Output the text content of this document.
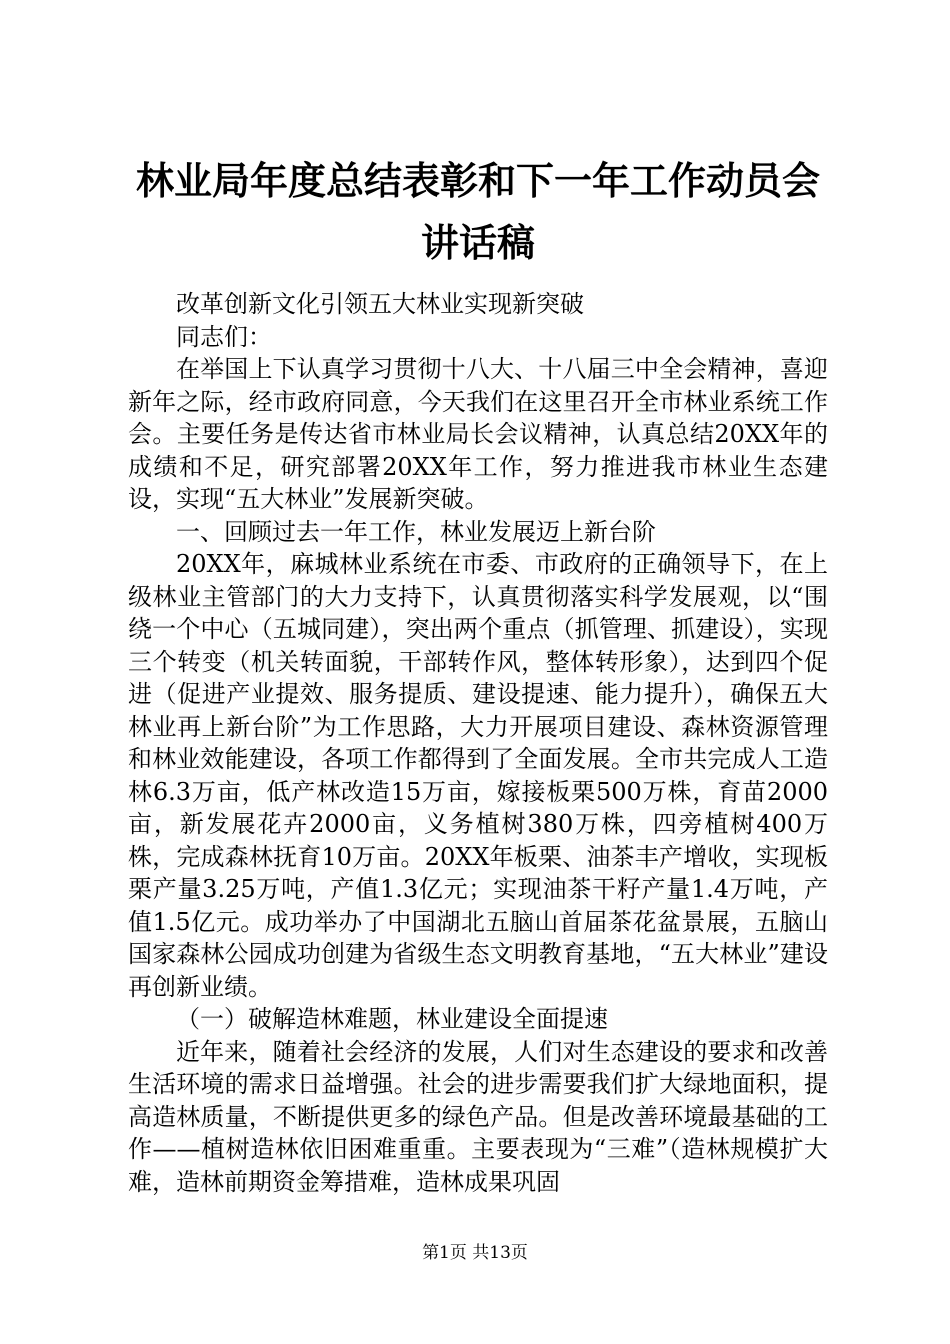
林业局年度总结表彰和下一年工作动员会讲话稿

改革创新文化引领五大林业实现新突破

同志们：

在举国上下认真学习贯彻十八大、十八届三中全会精神，喜迎新年之际，经市政府同意，今天我们在这里召开全市林业系统工作会。主要任务是传达省市林业局长会议精神，认真总结20XX年的成绩和不足，研究部署20XX年工作，努力推进我市林业生态建设，实现“五大林业”发展新突破。

一、回顾过去一年工作，林业发展迈上新台阶

20XX年，麻城林业系统在市委、市政府的正确领导下，在上级林业主管部门的大力支持下，认真贯彻落实科学发展观，以“围绕一个中心（五城同建），突出两个重点（抓管理、抓建设），实现三个转变（机关转面貌，干部转作风，整体转形象），达到四个促进（促进产业提效、服务提质、建设提速、能力提升），确保五大林业再上新台阶”为工作思路，大力开展项目建设、森林资源管理和林业效能建设，各项工作都得到了全面发展。全市共完成人工造林6.3万亩，低产林改造15万亩，嫁接板栗500万株，育苗2000亩，新发展花卉2000亩，义务植树380万株，四旁植树400万株，完成森林抚育10万亩。20XX年板栗、油茶丰产增收，实现板栗产量3.25万吨，产值1.3亿元；实现油茶干籽产量1.4万吨，产值1.5亿元。成功举办了中国湖北五脑山首届茶花盆景展，五脑山国家森林公园成功创建为省级生态文明教育基地，“五大林业”建设再创新业绩。

（一）破解造林难题，林业建设全面提速

近年来，随着社会经济的发展，人们对生态建设的要求和改善生活环境的需求日益增强。社会的进步需要我们扩大绿地面积，提高造林质量，不断提供更多的绿色产品。但是改善环境最基础的工作——植树造林依旧困难重重。主要表现为“三难”（造林规模扩大难，造林前期资金筹措难，造林成果巩固

第1页 共13页
